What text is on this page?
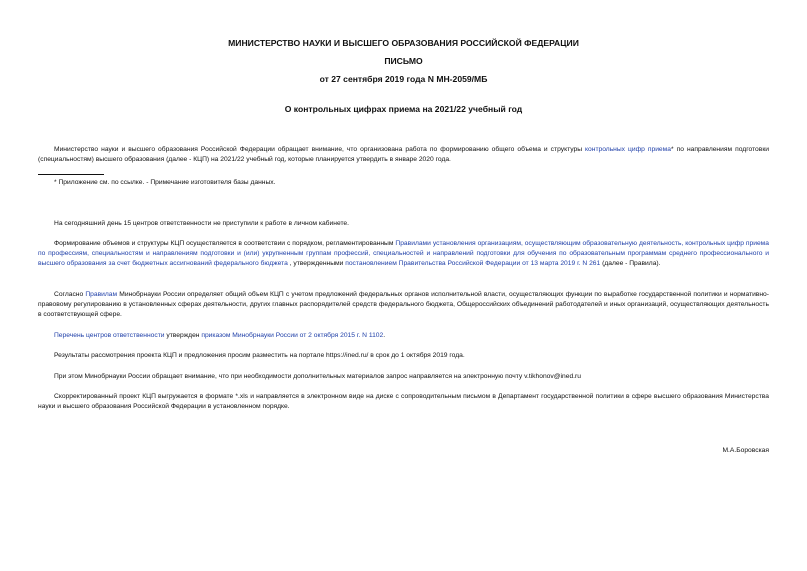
МИНИСТЕРСТВО НАУКИ И ВЫСШЕГО ОБРАЗОВАНИЯ РОССИЙСКОЙ ФЕДЕРАЦИИ

ПИСЬМО

от 27 сентября 2019 года N МН-2059/МБ

О контрольных цифрах приема на 2021/22 учебный год

Министерство науки и высшего образования Российской Федерации обращает внимание, что организована работа по формированию общего объема и структуры контрольных цифр приема* по направлениям подготовки (специальностям) высшего образования (далее - КЦП) на 2021/22 учебный год, которые планируется утвердить в январе 2020 года.

* Приложение см. по ссылке. - Примечание изготовителя базы данных.

На сегодняшний день 15 центров ответственности не приступили к работе в личном кабинете.

Формирование объемов и структуры КЦП осуществляется в соответствии с порядком, регламентированным Правилами установления организациям, осуществляющим образовательную деятельность, контрольных цифр приема по профессиям, специальностям и направлениям подготовки и (или) укрупненным группам профессий, специальностей и направлений подготовки для обучения по образовательным программам среднего профессионального и высшего образования за счет бюджетных ассигнований федерального бюджета , утвержденными постановлением Правительства Российской Федерации от 13 марта 2019 г. N 261 (далее - Правила).

Согласно Правилам Минобрнауки России определяет общий объем КЦП с учетом предложений федеральных органов исполнительной власти, осуществляющих функции по выработке государственной политики и нормативно-правовому регулированию в установленных сферах деятельности, других главных распорядителей средств федерального бюджета, Общероссийских объединений работодателей и иных организаций, осуществляющих деятельность в соответствующей сфере.

Перечень центров ответственности утвержден приказом Минобрнауки России от 2 октября 2015 г. N 1102.

Результаты рассмотрения проекта КЦП и предложения просим разместить на портале https://ined.ru/ в срок до 1 октября 2019 года.

При этом Минобрнауки России обращает внимание, что при необходимости дополнительных материалов запрос направляется на электронную почту v.tikhonov@ined.ru

Скорректированный проект КЦП выгружается в формате *.xls и направляется в электронном виде на диске с сопроводительным письмом в Департамент государственной политики в сфере высшего образования Министерства науки и высшего образования Российской Федерации в установленном порядке.

М.А.Боровская
